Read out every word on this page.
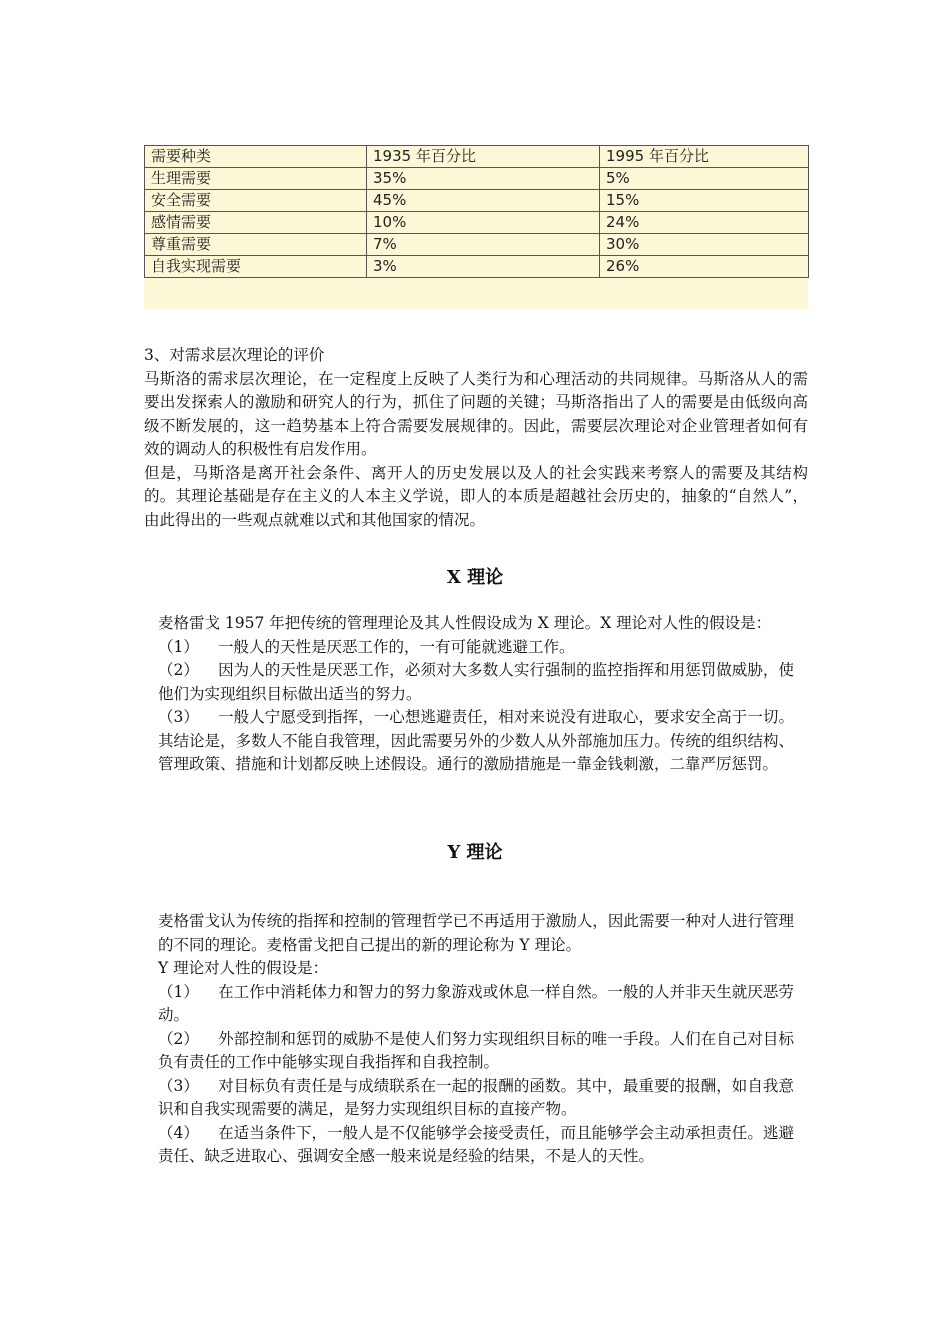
需要种类	1935 年百分比	1995 年百分比
生理需要	35%	5%
安全需要	45%	15%
感情需要	10%	24%
尊重需要	7%	30%
自我实现需要	3%	26%

3、对需求层次理论的评价

马斯洛的需求层次理论，在一定程度上反映了人类行为和心理活动的共同规律。马斯洛从人的需要出发探索人的激励和研究人的行为，抓住了问题的关键；马斯洛指出了人的需要是由低级向高级不断发展的，这一趋势基本上符合需要发展规律的。因此，需要层次理论对企业管理者如何有效的调动人的积极性有启发作用。

但是，马斯洛是离开社会条件、离开人的历史发展以及人的社会实践来考察人的需要及其结构的。其理论基础是存在主义的人本主义学说，即人的本质是超越社会历史的，抽象的“自然人”，由此得出的一些观点就难以式和其他国家的情况。

X 理论

麦格雷戈 1957 年把传统的管理理论及其人性假设成为 X 理论。X 理论对人性的假设是：

（1） 一般人的天性是厌恶工作的，一有可能就逃避工作。

（2） 因为人的天性是厌恶工作，必须对大多数人实行强制的监控指挥和用惩罚做威胁，使他们为实现组织目标做出适当的努力。

（3） 一般人宁愿受到指挥，一心想逃避责任，相对来说没有进取心，要求安全高于一切。其结论是，多数人不能自我管理，因此需要另外的少数人从外部施加压力。传统的组织结构、管理政策、措施和计划都反映上述假设。通行的激励措施是一靠金钱刺激，二靠严厉惩罚。

Y 理论

麦格雷戈认为传统的指挥和控制的管理哲学已不再适用于激励人，因此需要一种对人进行管理的不同的理论。麦格雷戈把自己提出的新的理论称为 Y 理论。

Y 理论对人性的假设是：

（1） 在工作中消耗体力和智力的努力象游戏或休息一样自然。一般的人并非天生就厌恶劳动。

（2） 外部控制和惩罚的威胁不是使人们努力实现组织目标的唯一手段。人们在自己对目标负有责任的工作中能够实现自我指挥和自我控制。

（3） 对目标负有责任是与成绩联系在一起的报酬的函数。其中，最重要的报酬，如自我意识和自我实现需要的满足，是努力实现组织目标的直接产物。

（4） 在适当条件下，一般人是不仅能够学会接受责任，而且能够学会主动承担责任。逃避责任、缺乏进取心、强调安全感一般来说是经验的结果，不是人的天性。
